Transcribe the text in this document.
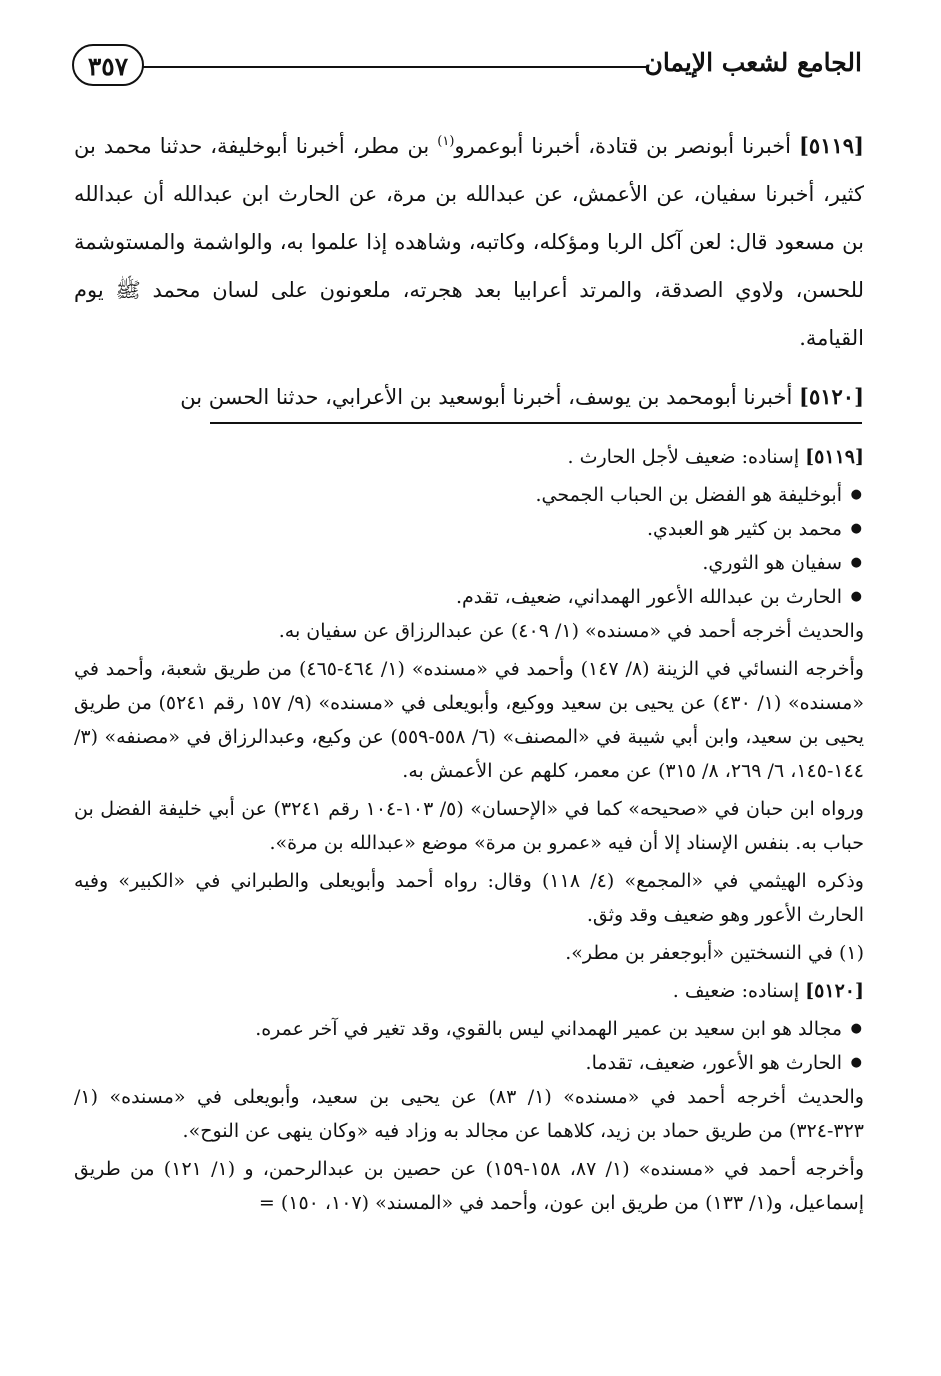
الجامع لشعب الإيمان
٣٥٧

[٥١١٩] أخبرنا أبونصر بن قتادة، أخبرنا أبوعمرو$^{(١)}$ بن مطر، أخبرنا أبوخليفة، حدثنا محمد بن كثير، أخبرنا سفيان، عن الأعمش، عن عبدالله بن مرة، عن الحارث ابن عبدالله أن عبدالله بن مسعود قال: لعن آكل الربا ومؤكله، وكاتبه، وشاهده إذا علموا به، والواشمة والمستوشمة للحسن، ولاوي الصدقة، والمرتد أعرابيا بعد هجرته، ملعونون على لسان محمد ﷺ يوم القيامة.

[٥١٢٠] أخبرنا أبومحمد بن يوسف، أخبرنا أبوسعيد بن الأعرابي، حدثنا الحسن بن

[٥١١٩] إسناده: ضعيف لأجل الحارث .

● أبوخليفة هو الفضل بن الحباب الجمحي.
● محمد بن كثير هو العبدي.
● سفيان هو الثوري.
● الحارث بن عبدالله الأعور الهمداني، ضعيف، تقدم.

والحديث أخرجه أحمد في «مسنده» (١/ ٤٠٩) عن عبدالرزاق عن سفيان به.

وأخرجه النسائي في الزينة (٨/ ١٤٧) وأحمد في «مسنده» (١/ ٤٦٤-٤٦٥) من طريق شعبة، وأحمد في «مسنده» (١/ ٤٣٠) عن يحيى بن سعيد ووكيع، وأبويعلى في «مسنده» (٩/ ١٥٧ رقم ٥٢٤١) من طريق يحيى بن سعيد، وابن أبي شيبة في «المصنف» (٦/ ٥٥٨-٥٥٩) عن وكيع، وعبدالرزاق في «مصنفه» (٣/ ١٤٤-١٤٥، ٦/ ٢٦٩، ٨/ ٣١٥) عن معمر، كلهم عن الأعمش به.

ورواه ابن حبان في «صحيحه» كما في «الإحسان» (٥/ ١٠٣-١٠٤ رقم ٣٢٤١) عن أبي خليفة الفضل بن حباب به. بنفس الإسناد إلا أن فيه «عمرو بن مرة» موضع «عبدالله بن مرة».

وذكره الهيثمي في «المجمع» (٤/ ١١٨) وقال: رواه أحمد وأبويعلى والطبراني في «الكبير» وفيه الحارث الأعور وهو ضعيف وقد وثق.

(١) في النسختين «أبوجعفر بن مطر».

[٥١٢٠] إسناده: ضعيف .

● مجالد هو ابن سعيد بن عمير الهمداني ليس بالقوي، وقد تغير في آخر عمره.
● الحارث هو الأعور، ضعيف، تقدما.

والحديث أخرجه أحمد في «مسنده» (١/ ٨٣) عن يحيى بن سعيد، وأبويعلى في «مسنده» (١/ ٣٢٣-٣٢٤) من طريق حماد بن زيد، كلاهما عن مجالد به وزاد فيه «وكان ينهى عن النوح».

وأخرجه أحمد في «مسنده» (١/ ٨٧، ١٥٨-١٥٩) عن حصين بن عبدالرحمن، و (١/ ١٢١) من طريق إسماعيل، و(١/ ١٣٣) من طريق ابن عون، وأحمد في «المسند» (١٠٧، ١٥٠) =
